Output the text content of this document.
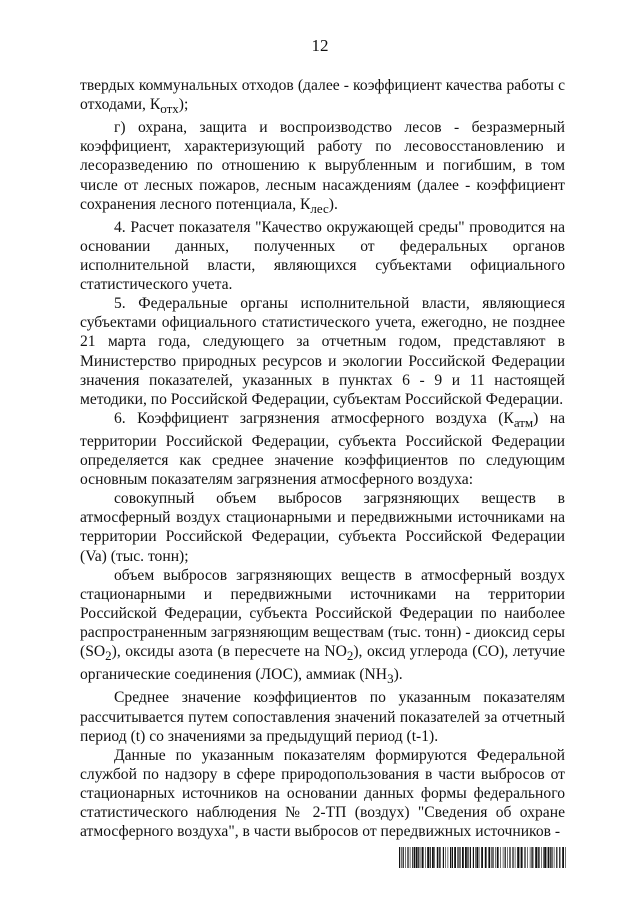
12

твердых коммунальных отходов (далее - коэффициент качества работы с отходами, $К_{отх}$);

г) охрана, защита и воспроизводство лесов - безразмерный коэффициент, характеризующий работу по лесовосстановлению и лесоразведению по отношению к вырубленным и погибшим, в том числе от лесных пожаров, лесным насаждениям (далее - коэффициент сохранения лесного потенциала, $К_{лес}$).

4. Расчет показателя "Качество окружающей среды" проводится на основании данных, полученных от федеральных органов исполнительной власти, являющихся субъектами официального статистического учета.

5. Федеральные органы исполнительной власти, являющиеся субъектами официального статистического учета, ежегодно, не позднее 21 марта года, следующего за отчетным годом, представляют в Министерство природных ресурсов и экологии Российской Федерации значения показателей, указанных в пунктах 6 - 9 и 11 настоящей методики, по Российской Федерации, субъектам Российской Федерации.

6. Коэффициент загрязнения атмосферного воздуха $(К_{атм})$ на территории Российской Федерации, субъекта Российской Федерации определяется как среднее значение коэффициентов по следующим основным показателям загрязнения атмосферного воздуха:

совокупный объем выбросов загрязняющих веществ в атмосферный воздух стационарными и передвижными источниками на территории Российской Федерации, субъекта Российской Федерации (Va) (тыс. тонн);

объем выбросов загрязняющих веществ в атмосферный воздух стационарными и передвижными источниками на территории Российской Федерации, субъекта Российской Федерации по наиболее распространенным загрязняющим веществам (тыс. тонн) - диоксид серы $(SO_2)$, оксиды азота (в пересчете на $NO_2$), оксид углерода (CO), летучие органические соединения (ЛОС), аммиак $(NH_3)$.

Среднее значение коэффициентов по указанным показателям рассчитывается путем сопоставления значений показателей за отчетный период (t) со значениями за предыдущий период (t-1).

Данные по указанным показателям формируются Федеральной службой по надзору в сфере природопользования в части выбросов от стационарных источников на основании данных формы федерального статистического наблюдения № 2-ТП (воздух) "Сведения об охране атмосферного воздуха", в части выбросов от передвижных источников -
